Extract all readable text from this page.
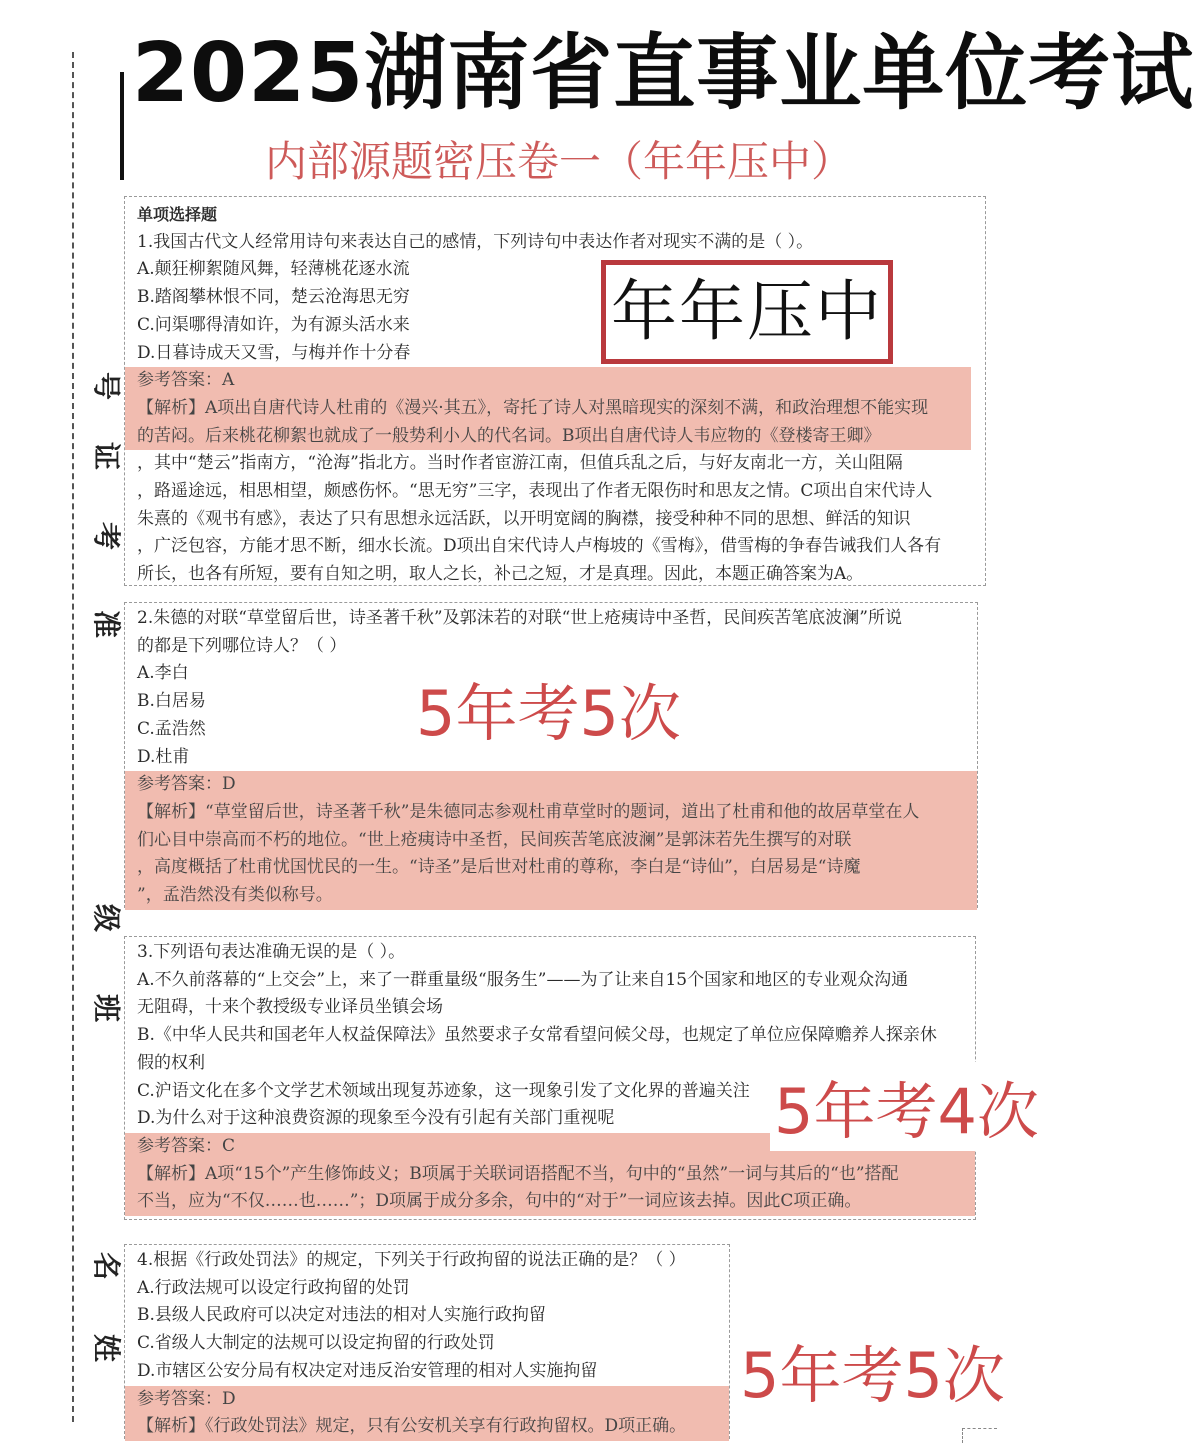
号
证
考
准
级
班
名
姓
2025湖南省直事业单位考试
内部源题密压卷一（年年压中）
单项选择题
1.我国古代文人经常用诗句来表达自己的感情，下列诗句中表达作者对现实不满的是（ ）。
A.颠狂柳絮随风舞，轻薄桃花逐水流
B.踏阁攀林恨不同，楚云沧海思无穷
C.问渠哪得清如许，为有源头活水来
D.日暮诗成天又雪，与梅并作十分春
参考答案：A
【解析】A项出自唐代诗人杜甫的《漫兴·其五》，寄托了诗人对黑暗现实的深刻不满，和政治理想不能实现
的苦闷。后来桃花柳絮也就成了一般势利小人的代名词。B项出自唐代诗人韦应物的《登楼寄王卿》
，其中“楚云”指南方，“沧海”指北方。当时作者宦游江南，但值兵乱之后，与好友南北一方，关山阻隔
，路遥途远，相思相望，颇感伤怀。“思无穷”三字，表现出了作者无限伤时和思友之情。C项出自宋代诗人
朱熹的《观书有感》，表达了只有思想永远活跃，以开明宽阔的胸襟，接受种种不同的思想、鲜活的知识
，广泛包容，方能才思不断，细水长流。D项出自宋代诗人卢梅坡的《雪梅》，借雪梅的争春告诫我们人各有
所长，也各有所短，要有自知之明，取人之长，补己之短，才是真理。因此，本题正确答案为A。
年年压中
2.朱德的对联“草堂留后世，诗圣著千秋”及郭沫若的对联“世上疮痍诗中圣哲，民间疾苦笔底波澜”所说
的都是下列哪位诗人？（ ）
A.李白
B.白居易
C.孟浩然
D.杜甫
参考答案：D
【解析】“草堂留后世，诗圣著千秋”是朱德同志参观杜甫草堂时的题词，道出了杜甫和他的故居草堂在人
们心目中崇高而不朽的地位。“世上疮痍诗中圣哲，民间疾苦笔底波澜”是郭沫若先生撰写的对联
，高度概括了杜甫忧国忧民的一生。“诗圣”是后世对杜甫的尊称，李白是“诗仙”，白居易是“诗魔
”，孟浩然没有类似称号。
5年考5次
3.下列语句表达准确无误的是（ ）。
A.不久前落幕的“上交会”上，来了一群重量级“服务生”——为了让来自15个国家和地区的专业观众沟通
无阻碍，十来个教授级专业译员坐镇会场
B.《中华人民共和国老年人权益保障法》虽然要求子女常看望问候父母，也规定了单位应保障赡养人探亲休
假的权利
C.沪语文化在多个文学艺术领域出现复苏迹象，这一现象引发了文化界的普遍关注
D.为什么对于这种浪费资源的现象至今没有引起有关部门重视呢
参考答案：C
【解析】A项“15个”产生修饰歧义；B项属于关联词语搭配不当，句中的“虽然”一词与其后的“也”搭配
不当，应为“不仅……也……”；D项属于成分多余，句中的“对于”一词应该去掉。因此C项正确。
5年考4次
4.根据《行政处罚法》的规定，下列关于行政拘留的说法正确的是？（ ）
A.行政法规可以设定行政拘留的处罚
B.县级人民政府可以决定对违法的相对人实施行政拘留
C.省级人大制定的法规可以设定拘留的行政处罚
D.市辖区公安分局有权决定对违反治安管理的相对人实施拘留
参考答案：D
【解析】《行政处罚法》规定，只有公安机关享有行政拘留权。D项正确。
5年考5次
